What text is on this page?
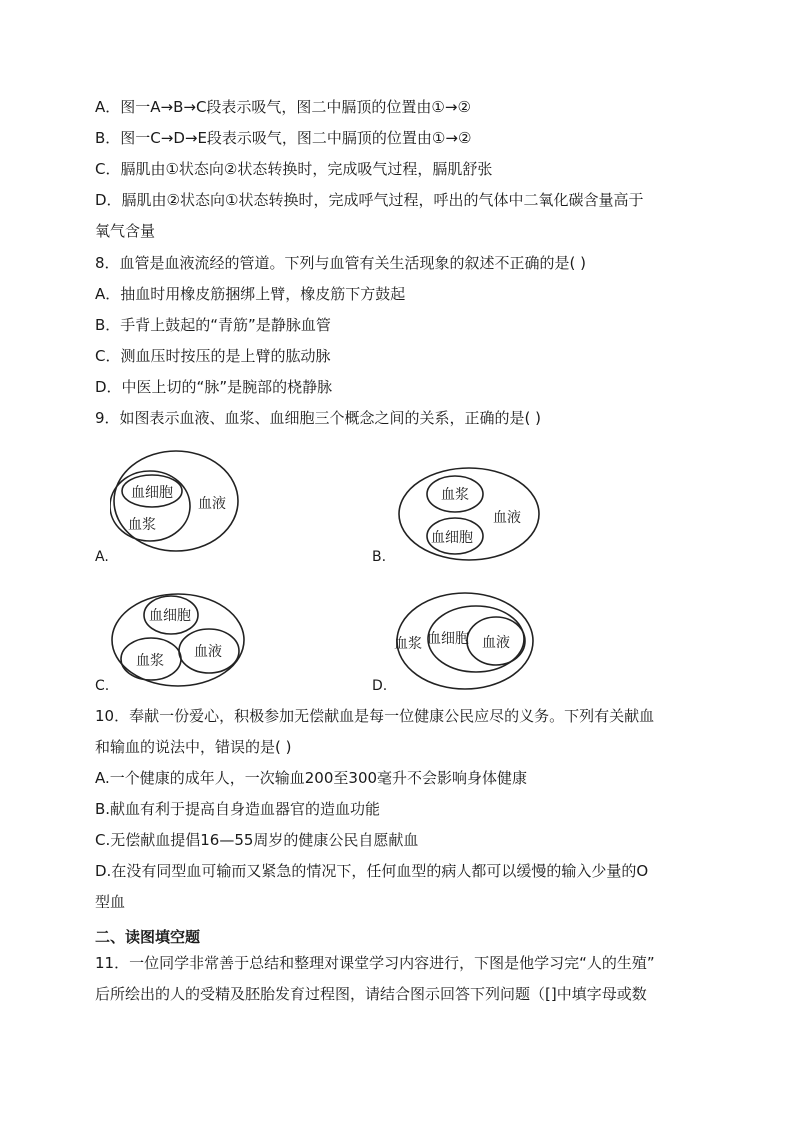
A．图一A→B→C段表示吸气，图二中膈顶的位置由①→②
B．图一C→D→E段表示吸气，图二中膈顶的位置由①→②
C．膈肌由①状态向②状态转换时，完成吸气过程，膈肌舒张
D．膈肌由②状态向①状态转换时，完成呼气过程，呼出的气体中二氧化碳含量高于
氧气含量
8．血管是血液流经的管道。下列与血管有关生活现象的叙述不正确的是( )
A．抽血时用橡皮筋捆绑上臂，橡皮筋下方鼓起
B．手背上鼓起的“青筋”是静脉血管
C．测血压时按压的是上臂的肱动脉
D．中医上切的“脉”是腕部的桡静脉
9．如图表示血液、血浆、血细胞三个概念之间的关系，正确的是( )
血细胞
血浆
血液
A.
血浆
血细胞
血液
B.
血细胞
血浆
血液
C.
血浆 血细胞 血液
D.
10．奉献一份爱心，积极参加无偿献血是每一位健康公民应尽的义务。下列有关献血
和输血的说法中，错误的是( )
A.一个健康的成年人，一次输血200至300毫升不会影响身体健康
B.献血有利于提高自身造血器官的造血功能
C.无偿献血提倡16—55周岁的健康公民自愿献血
D.在没有同型血可输而又紧急的情况下，任何血型的病人都可以缓慢的输入少量的O
型血
二、读图填空题
11．一位同学非常善于总结和整理对课堂学习内容进行，下图是他学习完“人的生殖”
后所绘出的人的受精及胚胎发育过程图，请结合图示回答下列问题（[]中填字母或数
